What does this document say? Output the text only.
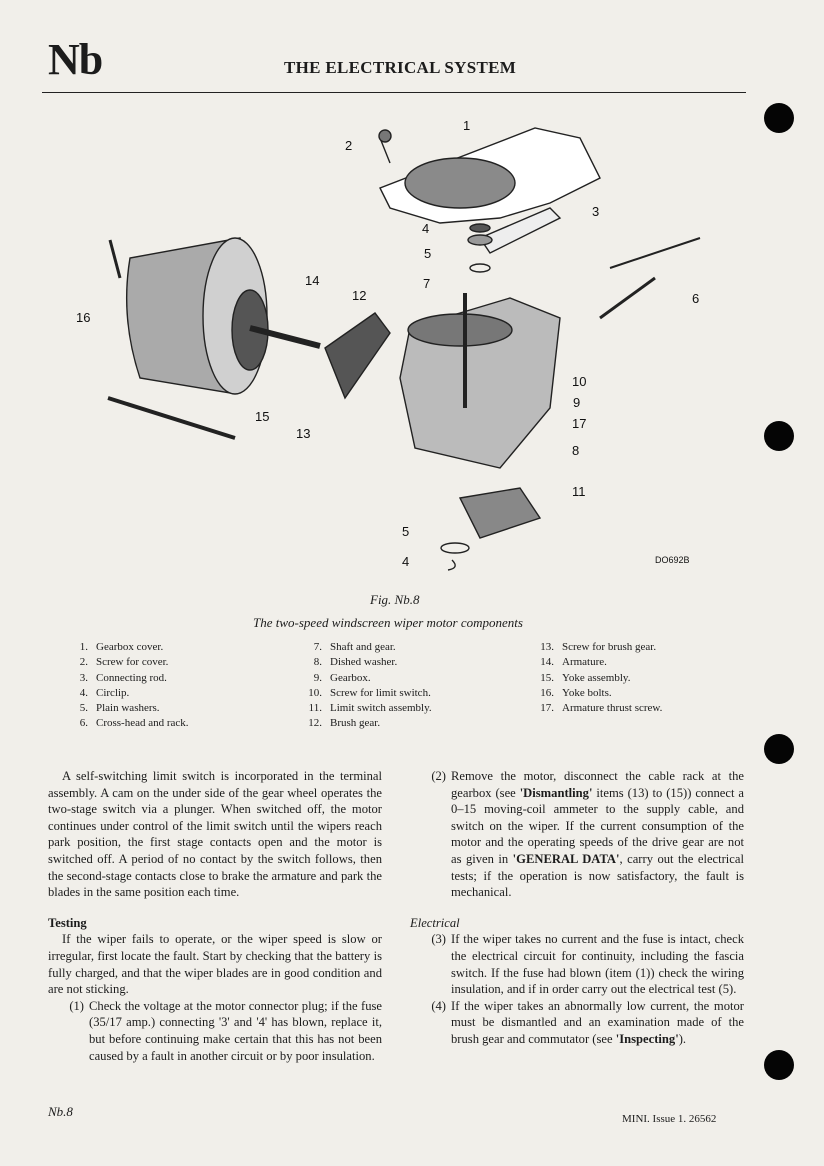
Nb	THE ELECTRICAL SYSTEM
1
2
3
4
5
6
7
8
9
10
11
12
13
14
15
16
17
4
5
DO692B
Fig. Nb.8
The two-speed windscreen wiper motor components
1. Gearbox cover.
2. Screw for cover.
3. Connecting rod.
4. Circlip.
5. Plain washers.
6. Cross-head and rack.
7. Shaft and gear.
8. Dished washer.
9. Gearbox.
10. Screw for limit switch.
11. Limit switch assembly.
12. Brush gear.
13. Screw for brush gear.
14. Armature.
15. Yoke assembly.
16. Yoke bolts.
17. Armature thrust screw.

A self-switching limit switch is incorporated in the terminal assembly. A cam on the under side of the gear wheel operates the two-stage switch via a plunger. When switched off, the motor continues under control of the limit switch until the wipers reach park position, the first stage contacts open and the motor is switched off. A period of no contact by the switch follows, then the second-stage contacts close to brake the armature and park the blades in the same position each time.

Testing

If the wiper fails to operate, or the wiper speed is slow or irregular, first locate the fault. Start by checking that the battery is fully charged, and that the wiper blades are in good condition and are not sticking.

(1) Check the voltage at the motor connector plug; if the fuse (35/17 amp.) connecting '3' and '4' has blown, replace it, but before continuing make certain that this has not been caused by a fault in another circuit or by poor insulation.
(2) Remove the motor, disconnect the cable rack at the gearbox (see 'Dismantling' items (13) to (15)) connect a 0–15 moving-coil ammeter to the supply cable, and switch on the wiper. If the current consumption of the motor and the operating speeds of the drive gear are not as given in 'GENERAL DATA', carry out the electrical tests; if the operation is now satisfactory, the fault is mechanical.

Electrical

(3) If the wiper takes no current and the fuse is intact, check the electrical circuit for continuity, including the fascia switch. If the fuse had blown (item (1)) check the wiring insulation, and if in order carry out the electrical test (5).
(4) If the wiper takes an abnormally low current, the motor must be dismantled and an examination made of the brush gear and commutator (see 'Inspecting').
Nb.8	MINI. Issue 1. 26562
